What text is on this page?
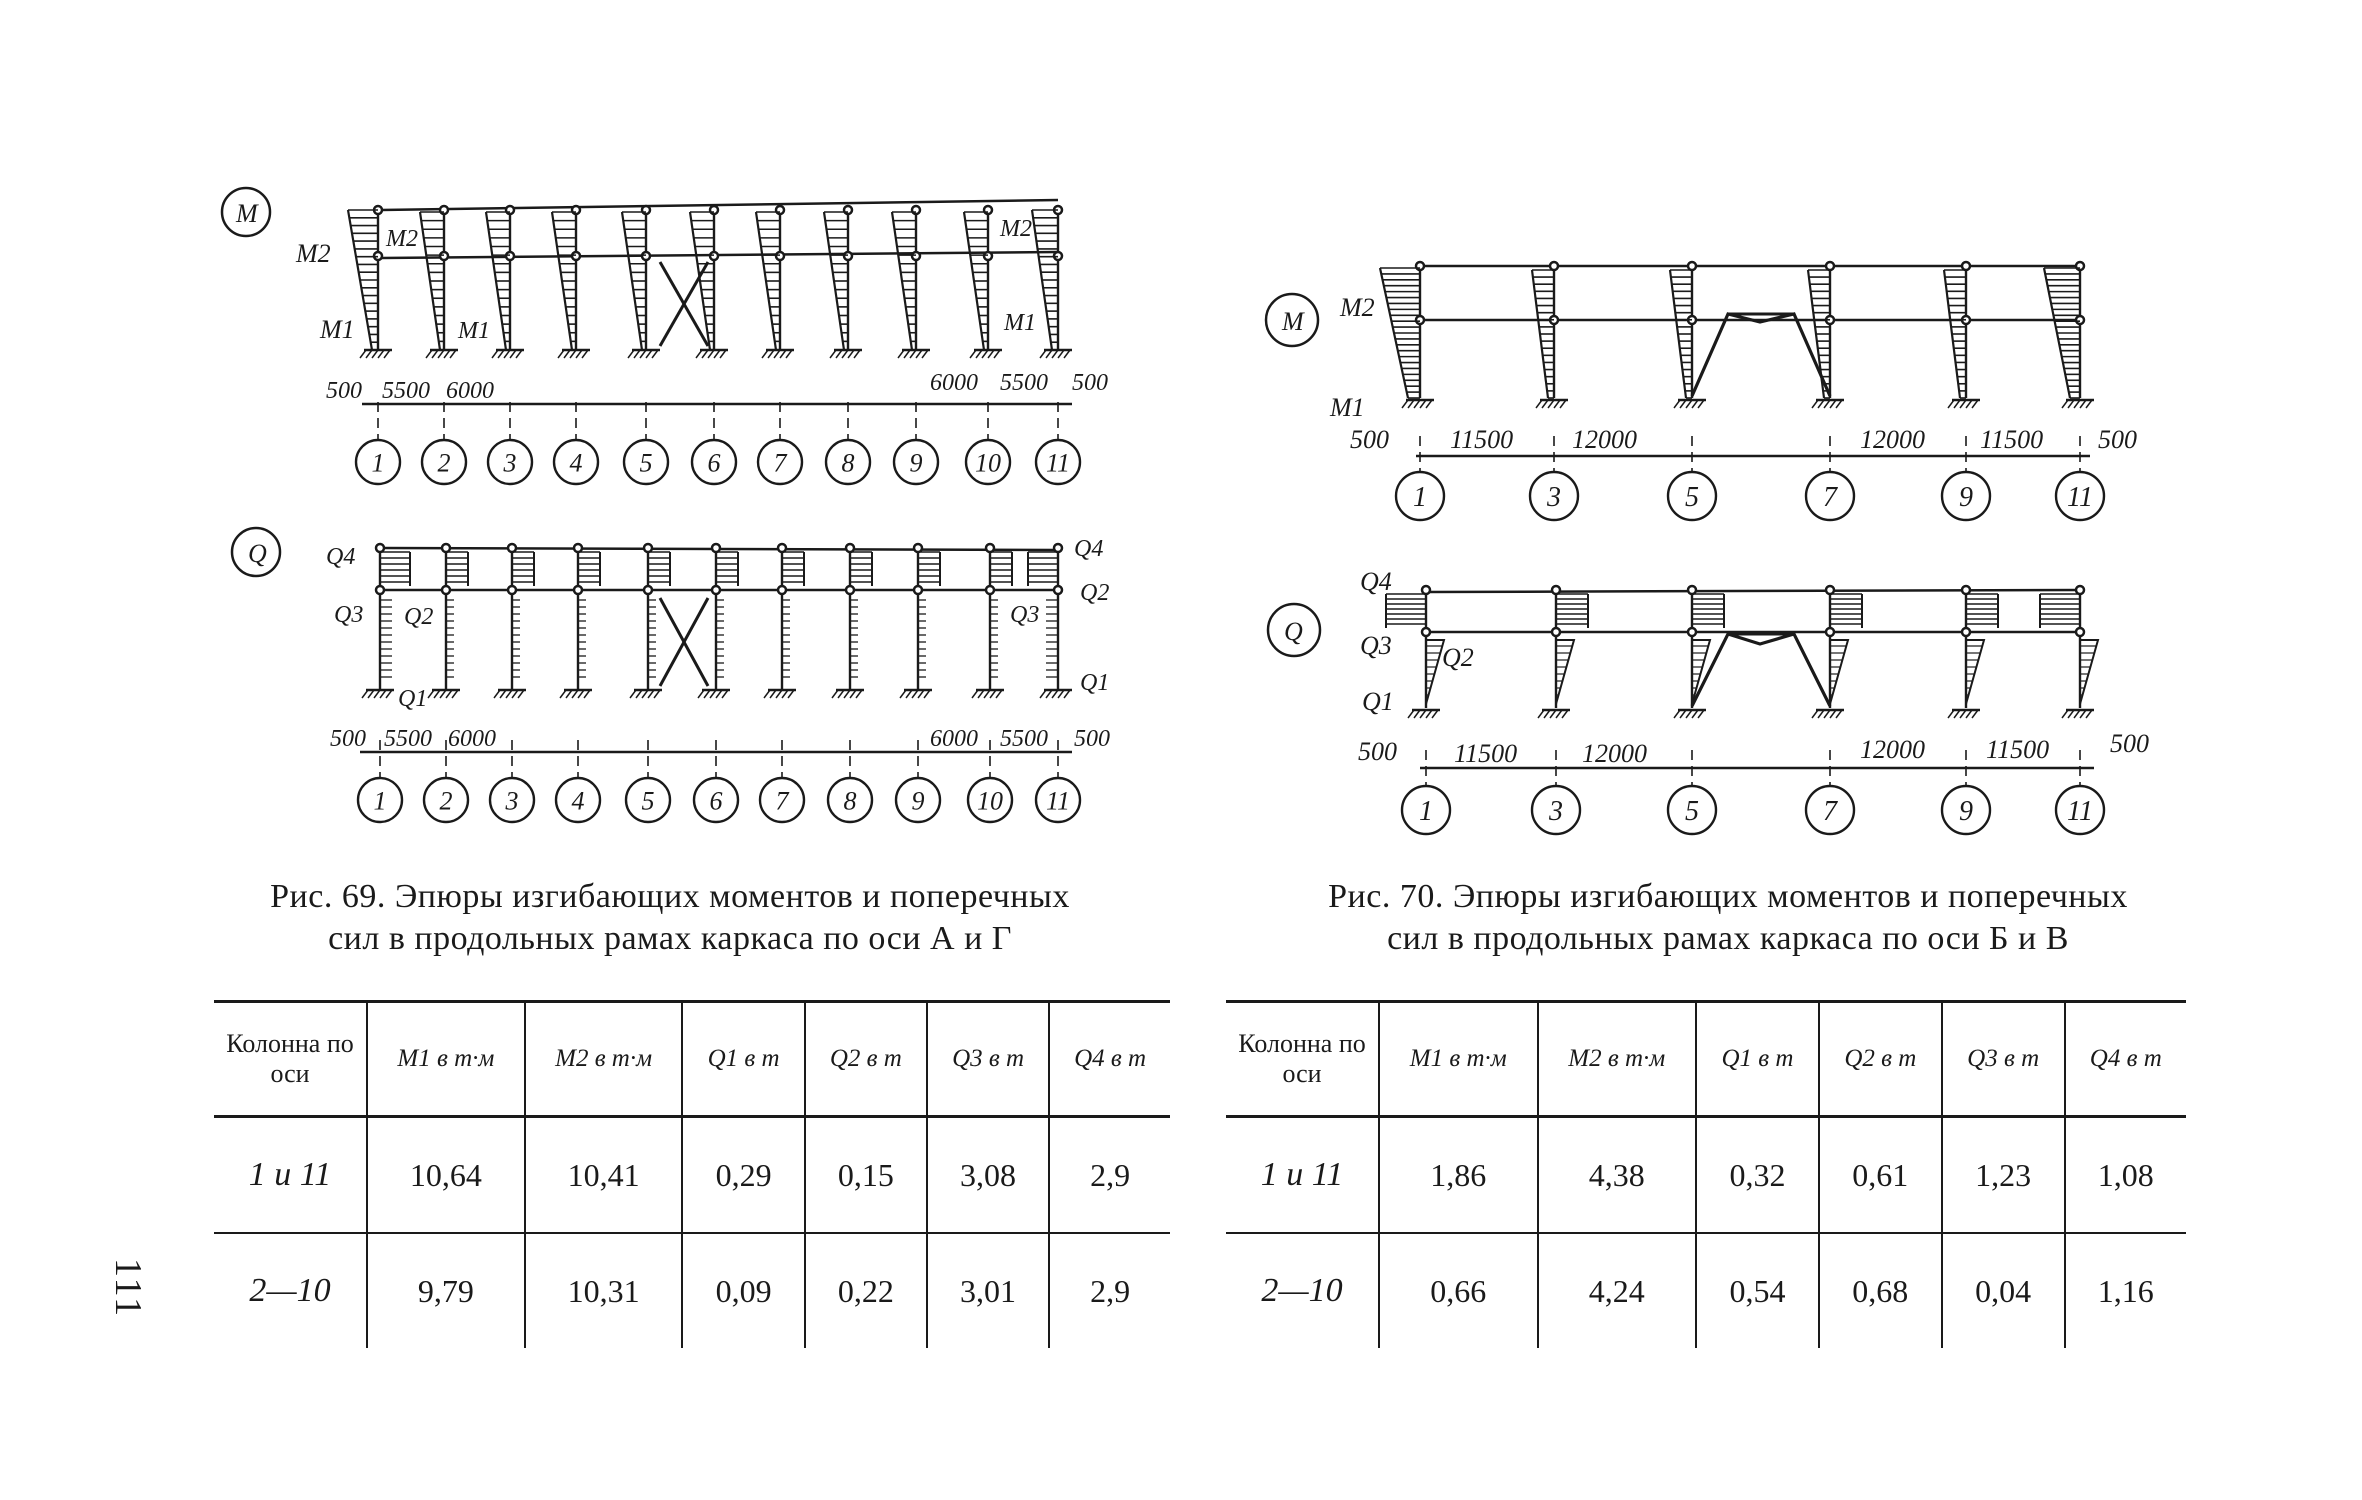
1 2 3 4 5 6 7 8 9 10 11
M
M2 M2
M1	M1
M2
M1
500 5500 6000	6000 5500 500
1 2 3 4 5 6 7 8 9 10 11
Q Q4
Q3 Q2
Q1
Q4
Q2
Q3
Q1
500 5500 6000	6000 5500 500
1	3	5	7	9	11
M M2
M1
500 11500 12000	12000 11500 500
1	3	5	7	9	11
Q
Q4
Q3 Q2
Q1
500 11500 12000	12000 11500 500
Рис. 69. Эпюры изгибающих моментов и поперечных
сил в продольных рамах каркаса по оси А и Г
Рис. 70. Эпюры изгибающих моментов и поперечных
сил в продольных рамах каркаса по оси Б и В
Колонна по оси	M1 в т·м	M2 в т·м	Q1 в т	Q2 в т	Q3 в т	Q4 в т
1 и 11	10,64	10,41	0,29	0,15	3,08	2,9
2—10	9,79	10,31	0,09	0,22	3,01	2,9
Колонна по оси	M1 в т·м	M2 в т·м	Q1 в т	Q2 в т	Q3 в т	Q4 в т
1 и 11	1,86	4,38	0,32	0,61	1,23	1,08
2—10	0,66	4,24	0,54	0,68	0,04	1,16
111
